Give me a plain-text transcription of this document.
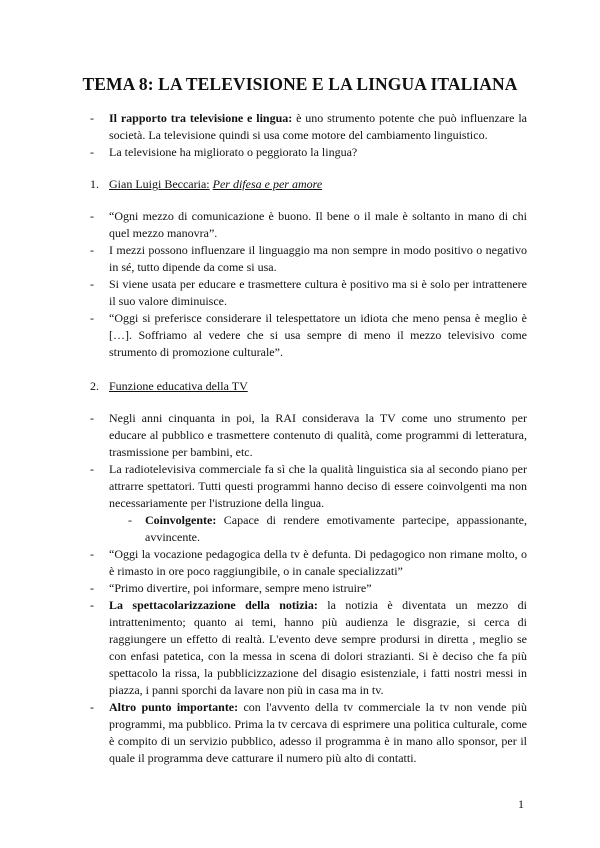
TEMA 8: LA TELEVISIONE E LA LINGUA ITALIANA
- Il rapporto tra televisione e lingua: è uno strumento potente che può influenzare la società. La televisione quindi si usa come motore del cambiamento linguistico.
- La televisione ha migliorato o peggiorato la lingua?
1. Gian Luigi Beccaria: Per difesa e per amore
- “Ogni mezzo di comunicazione è buono. Il bene o il male è soltanto in mano di chi quel mezzo manovra”.
- I mezzi possono influenzare il linguaggio ma non sempre in modo positivo o negativo in sé, tutto dipende da come si usa.
- Si viene usata per educare e trasmettere cultura è positivo ma si è solo per intrattenere il suo valore diminuisce.
- “Oggi si preferisce considerare il telespettatore un idiota che meno pensa è meglio è […]. Soffriamo al vedere che si usa sempre di meno il mezzo televisivo come strumento di promozione culturale”.
2. Funzione educativa della TV
- Negli anni cinquanta in poi, la RAI considerava la TV come uno strumento per educare al pubblico e trasmettere contenuto di qualità, come programmi di letteratura, trasmissione per bambini, etc.
- La radiotelevisiva commerciale fa sì che la qualità linguistica sia al secondo piano per attrarre spettatori. Tutti questi programmi hanno deciso di essere coinvolgenti ma non necessariamente per l'istruzione della lingua.
- Coinvolgente: Capace di rendere emotivamente partecipe, appassionante, avvincente.
- “Oggi la vocazione pedagogica della tv è defunta. Di pedagogico non rimane molto, o è rimasto in ore poco raggiungibile, o in canale specializzati”
- “Primo divertire, poi informare, sempre meno istruire”
- La spettacolarizzazione della notizia: la notizia è diventata un mezzo di intrattenimento; quanto ai temi, hanno più audienza le disgrazie, si cerca di raggiungere un effetto di realtà. L'evento deve sempre prodursi in diretta , meglio se con enfasi patetica, con la messa in scena di dolori strazianti. Si è deciso che fa più spettacolo la rissa, la pubblicizzazione del disagio esistenziale, i fatti nostri messi in piazza, i panni sporchi da lavare non più in casa ma in tv.
- Altro punto importante: con l'avvento della tv commerciale la tv non vende più programmi, ma pubblico. Prima la tv cercava di esprimere una politica culturale, come è compito di un servizio pubblico, adesso il programma è in mano allo sponsor, per il quale il programma deve catturare il numero più alto di contatti.
1
